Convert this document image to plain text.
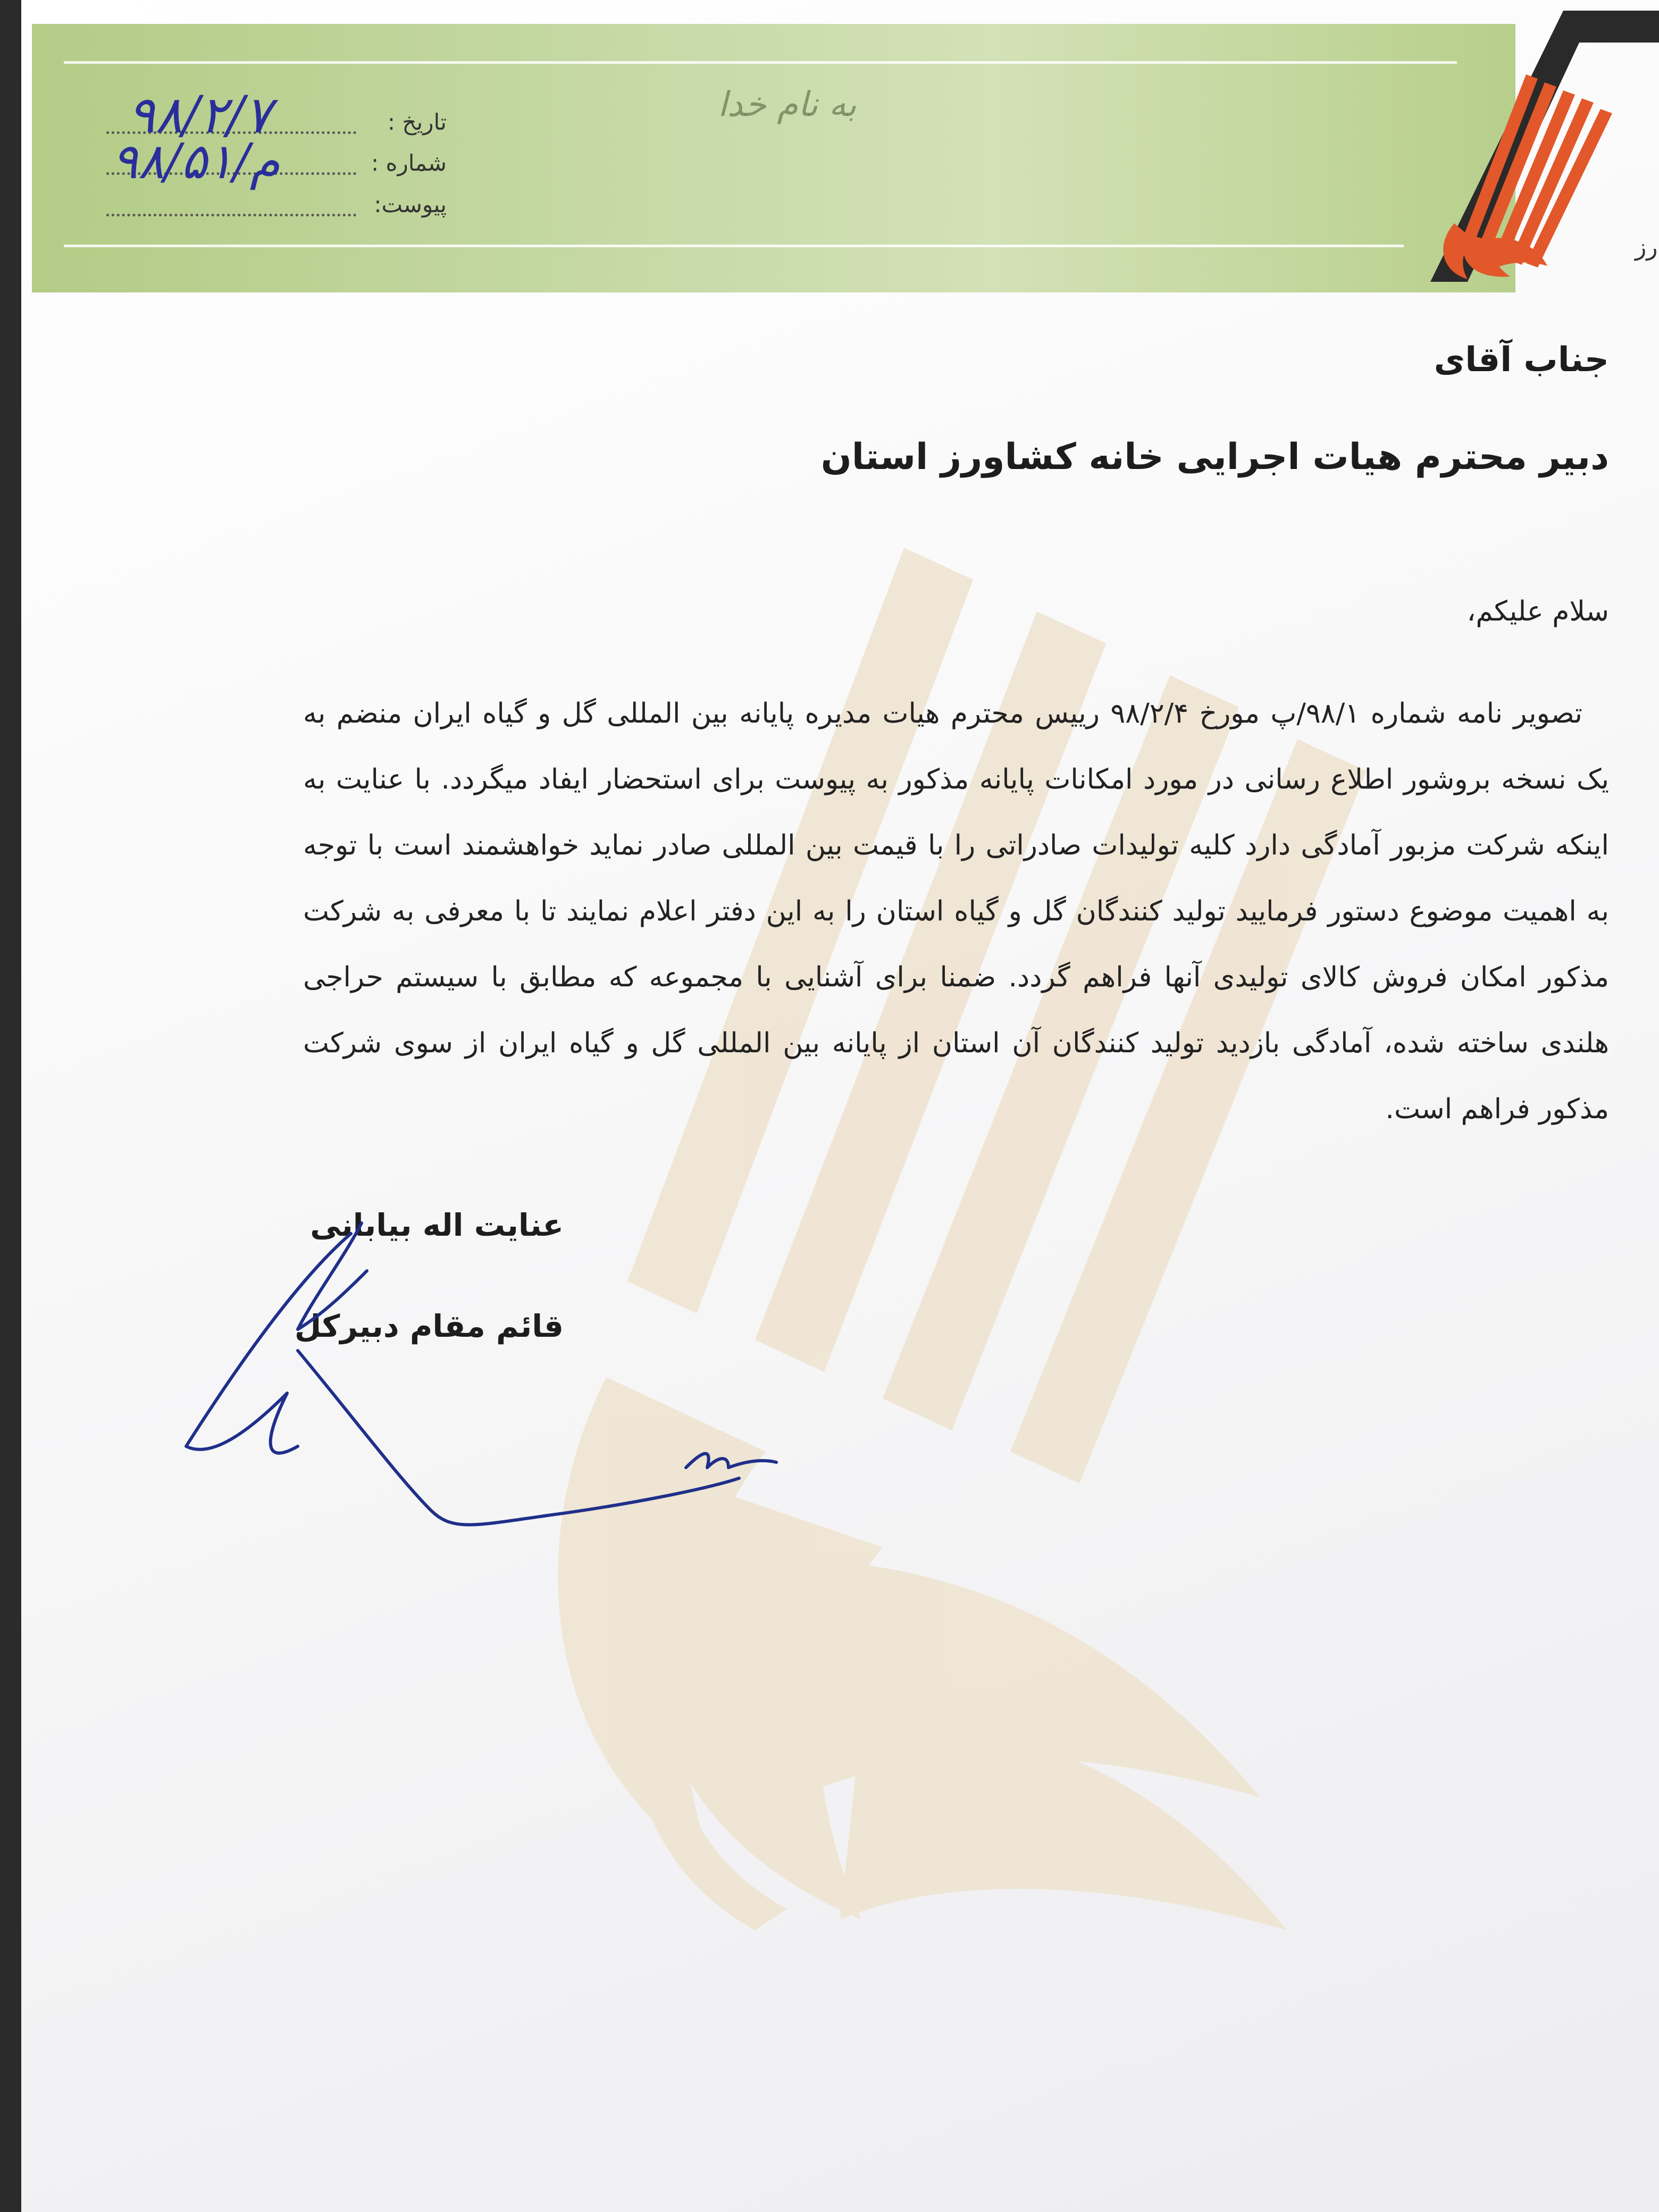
رز
به نام خدا
تاریخ :
شماره :
پیوست:
۹۸/۲/۷
۹۸/۵۱/م
جناب آقای
دبیر محترم هیات اجرایی خانه کشاورز استان
سلام علیکم،
تصویر نامه شماره ۹۸/۱/پ مورخ ۹۸/۲/۴ رییس محترم هیات مدیره پایانه بین المللی گل و گیاه ایران منضم به یک نسخه بروشور اطلاع رسانی در مورد امکانات پایانه مذکور به پیوست برای استحضار ایفاد میگردد. با عنایت به اینکه شرکت مزبور آمادگی دارد کلیه تولیدات صادراتی را با قیمت بین المللی صادر نماید خواهشمند است با توجه به اهمیت موضوع دستور فرمایید تولید کنندگان گل و گیاه استان را به این دفتر اعلام نمایند تا با معرفی به شرکت مذکور امکان فروش کالای تولیدی آنها فراهم گردد. ضمنا برای آشنایی با مجموعه که مطابق با سیستم حراجی هلندی ساخته شده، آمادگی بازدید تولید کنندگان آن استان از پایانه بین المللی گل و گیاه ایران از سوی شرکت مذکور فراهم است.
عنایت اله بیابانی
قائم مقام دبیرکل
